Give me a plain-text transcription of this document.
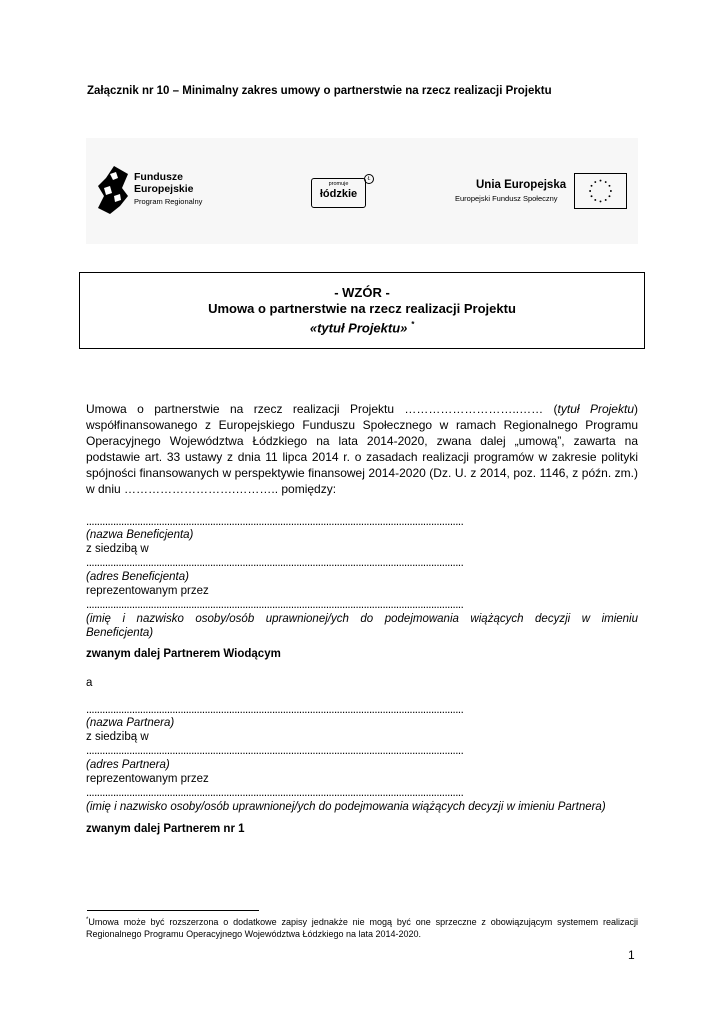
Załącznik nr 10 – Minimalny zakres umowy o partnerstwie na rzecz realizacji Projektu
Fundusze
Europejskie
Program Regionalny
promuje
łódzkie
Ł	Unia Europejska
Europejski Fundusz Społeczny
- WZÓR -
Umowa o partnerstwie na rzecz realizacji Projektu
«tytuł Projektu» *
Umowa o partnerstwie na rzecz realizacji Projektu ………………………..…… (tytuł Projektu) współfinansowanego z Europejskiego Funduszu Społecznego w ramach Regionalnego Programu Operacyjnego Województwa Łódzkiego na lata 2014-2020, zwana dalej „umową”, zawarta na podstawie art. 33 ustawy z dnia 11 lipca 2014 r. o zasadach realizacji programów w zakresie polityki spójności finansowanych w perspektywie finansowej 2014-2020 (Dz. U. z 2014, poz. 1146, z późn. zm.) w dniu ……………………….……….. pomiędzy:
............................................................................................................................................
(nazwa Beneficjenta)
z siedzibą w
............................................................................................................................................
(adres Beneficjenta)
reprezentowanym przez
............................................................................................................................................
(imię i nazwisko osoby/osób uprawnionej/ych do podejmowania wiążących decyzji w imieniu Beneficjenta)
zwanym dalej Partnerem Wiodącym
a
............................................................................................................................................
(nazwa Partnera)
z siedzibą w
............................................................................................................................................
(adres Partnera)
reprezentowanym przez
............................................................................................................................................
(imię i nazwisko osoby/osób uprawnionej/ych do podejmowania wiążących decyzji w imieniu Partnera)
zwanym dalej Partnerem nr 1
*Umowa może być rozszerzona o dodatkowe zapisy jednakże nie mogą być one sprzeczne z obowiązującym systemem realizacji Regionalnego Programu Operacyjnego Województwa Łódzkiego na lata 2014-2020.
1
